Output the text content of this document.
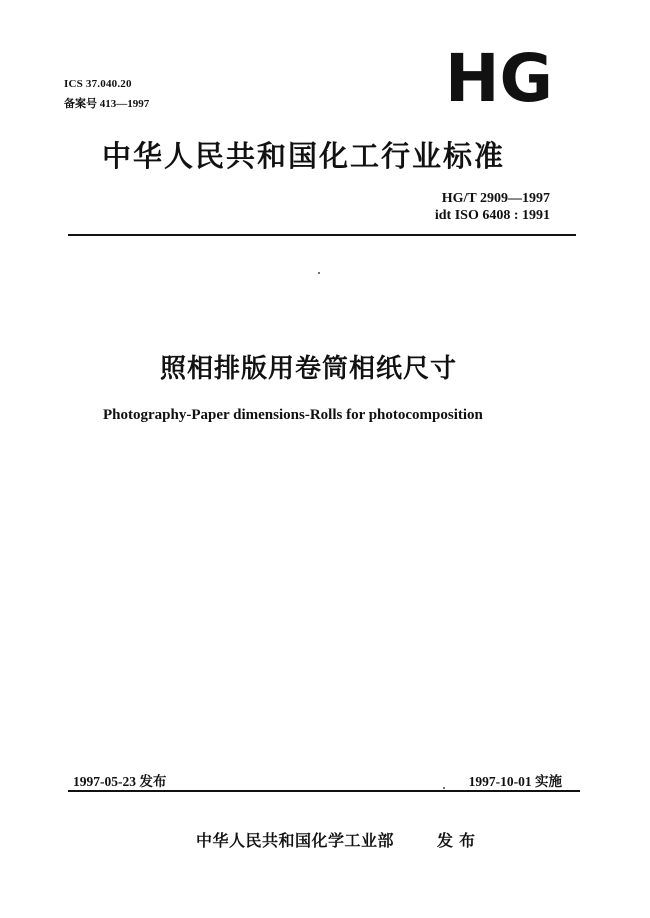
ICS 37.040.20
备案号 413—1997	HG
中华人民共和国化工行业标准
HG/T 2909—1997
idt ISO 6408 : 1991
照相排版用卷筒相纸尺寸
Photography-Paper dimensions-Rolls for photocomposition
1997-05-23 发布	1997-10-01 实施
中华人民共和国化学工业部	发布
